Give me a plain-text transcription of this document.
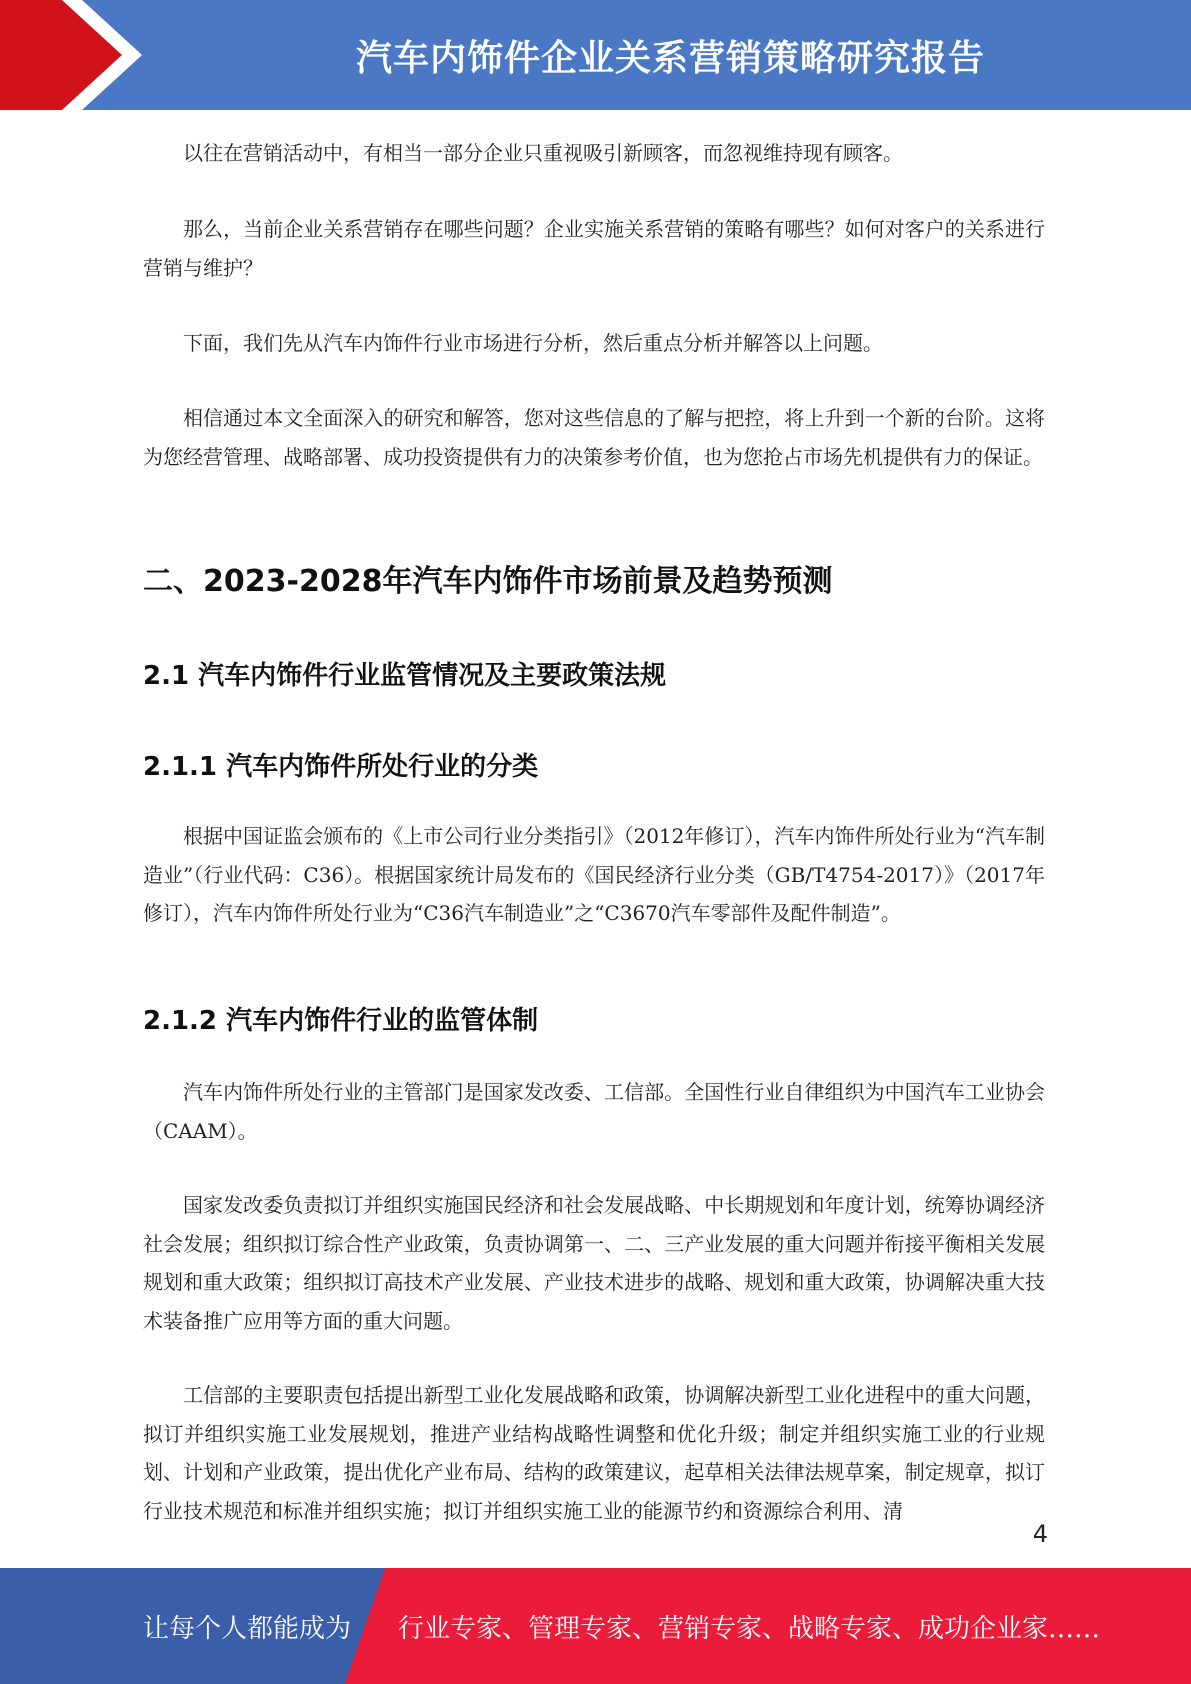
汽车内饰件企业关系营销策略研究报告

以往在营销活动中，有相当一部分企业只重视吸引新顾客，而忽视维持现有顾客。

那么，当前企业关系营销存在哪些问题？企业实施关系营销的策略有哪些？如何对客户的关系进行营销与维护？

下面，我们先从汽车内饰件行业市场进行分析，然后重点分析并解答以上问题。

相信通过本文全面深入的研究和解答，您对这些信息的了解与把控，将上升到一个新的台阶。这将为您经营管理、战略部署、成功投资提供有力的决策参考价值，也为您抢占市场先机提供有力的保证。

二、2023-2028年汽车内饰件市场前景及趋势预测
2.1 汽车内饰件行业监管情况及主要政策法规
2.1.1 汽车内饰件所处行业的分类

根据中国证监会颁布的《上市公司行业分类指引》（2012年修订），汽车内饰件所处行业为“汽车制造业”（行业代码：C36）。根据国家统计局发布的《国民经济行业分类（GB/T4754-2017）》（2017年修订），汽车内饰件所处行业为“C36汽车制造业”之“C3670汽车零部件及配件制造”。

2.1.2 汽车内饰件行业的监管体制

汽车内饰件所处行业的主管部门是国家发改委、工信部。全国性行业自律组织为中国汽车工业协会（CAAM）。

国家发改委负责拟订并组织实施国民经济和社会发展战略、中长期规划和年度计划，统筹协调经济社会发展；组织拟订综合性产业政策，负责协调第一、二、三产业发展的重大问题并衔接平衡相关发展规划和重大政策；组织拟订高技术产业发展、产业技术进步的战略、规划和重大政策，协调解决重大技术装备推广应用等方面的重大问题。

工信部的主要职责包括提出新型工业化发展战略和政策，协调解决新型工业化进程中的重大问题，拟订并组织实施工业发展规划，推进产业结构战略性调整和优化升级；制定并组织实施工业的行业规划、计划和产业政策，提出优化产业布局、结构的政策建议，起草相关法律法规草案，制定规章，拟订行业技术规范和标准并组织实施；拟订并组织实施工业的能源节约和资源综合利用、清

4
让每个人都能成为 行业专家、管理专家、营销专家、战略专家、成功企业家……
